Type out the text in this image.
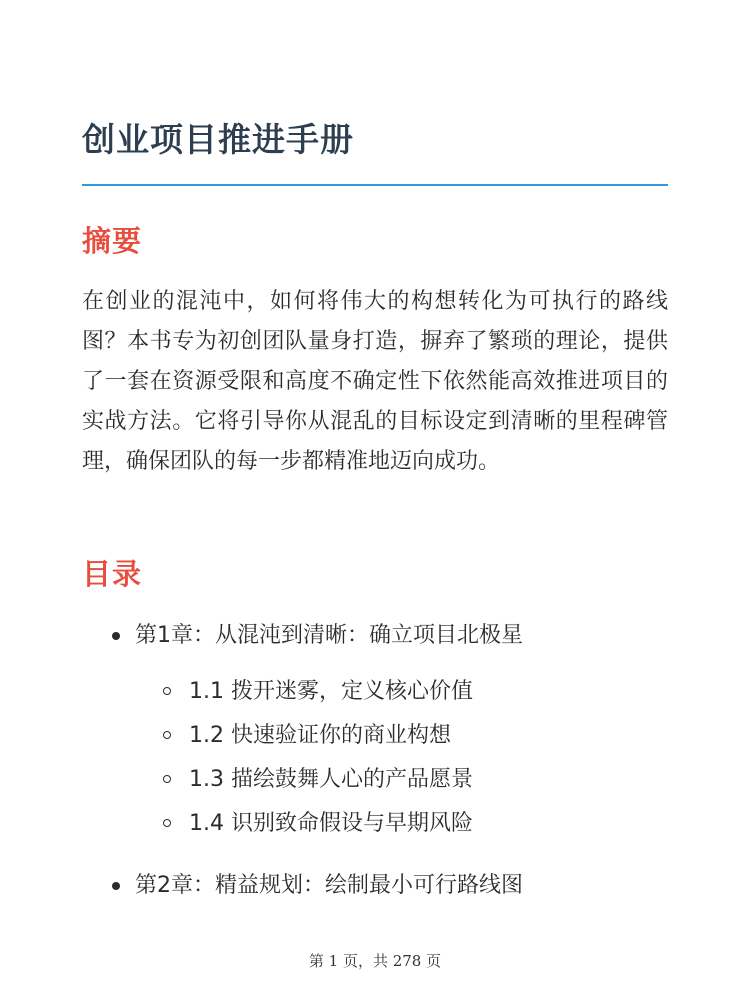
创业项目推进手册
摘要
在创业的混沌中，如何将伟大的构想转化为可执行的路线图？本书专为初创团队量身打造，摒弃了繁琐的理论，提供了一套在资源受限和高度不确定性下依然能高效推进项目的实战方法。它将引导你从混乱的目标设定到清晰的里程碑管理，确保团队的每一步都精准地迈向成功。
目录
第1章：从混沌到清晰：确立项目北极星
1.1 拨开迷雾，定义核心价值
1.2 快速验证你的商业构想
1.3 描绘鼓舞人心的产品愿景
1.4 识别致命假设与早期风险
第2章：精益规划：绘制最小可行路线图
第 1 页，共 278 页
